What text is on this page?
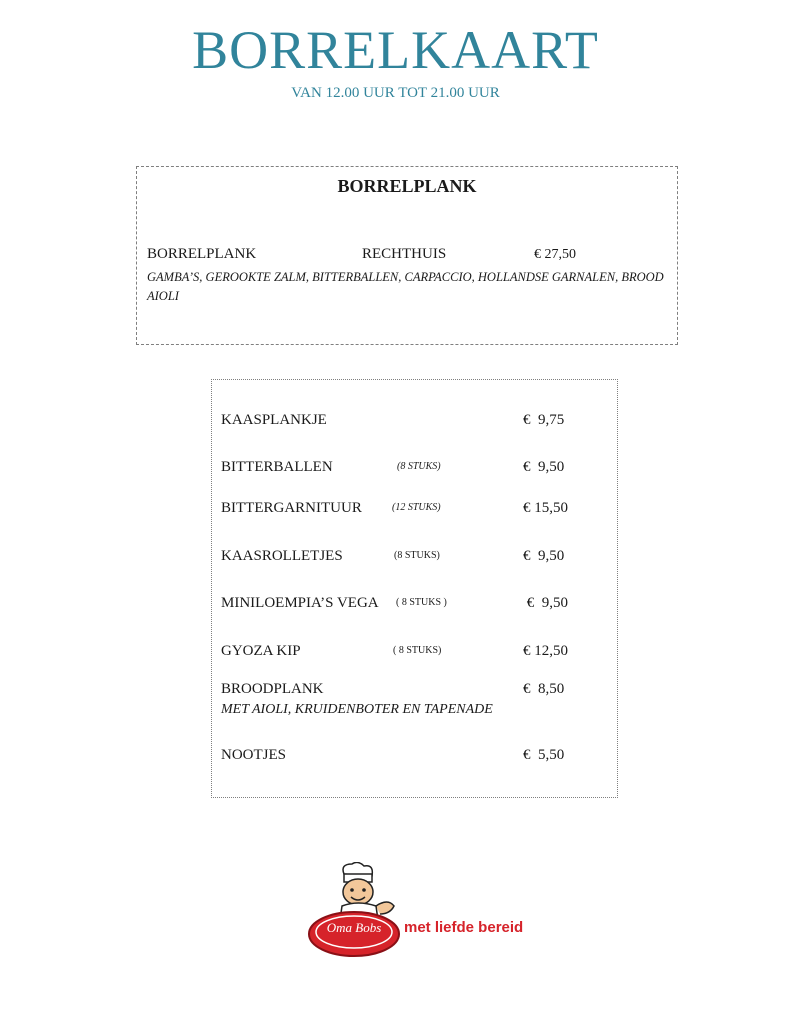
BORRELKAART
VAN 12.00 UUR TOT 21.00 UUR
BORRELPLANK
BORRELPLANK	RECHTHUIS	€ 27,50
GAMBA’S, GEROOKTE ZALM, BITTERBALLEN, CARPACCIO, HOLLANDSE GARNALEN, BROOD AIOLI
KAASPLANKJE	€  9,75
BITTERBALLEN	(8 STUKS)	€  9,50
BITTERGARNITUUR	(12 STUKS)	€ 15,50
KAASROLLETJES	(8 STUKS)	€  9,50
MINILOEMPIA’S VEGA ( 8 STUKS )	€  9,50
GYOZA KIP	( 8 STUKS)	€ 12,50
BROODPLANK	€  8,50
MET AIOLI, KRUIDENBOTER EN TAPENADE
NOOTJES	€  5,50
Oma Bobs	met liefde bereid
